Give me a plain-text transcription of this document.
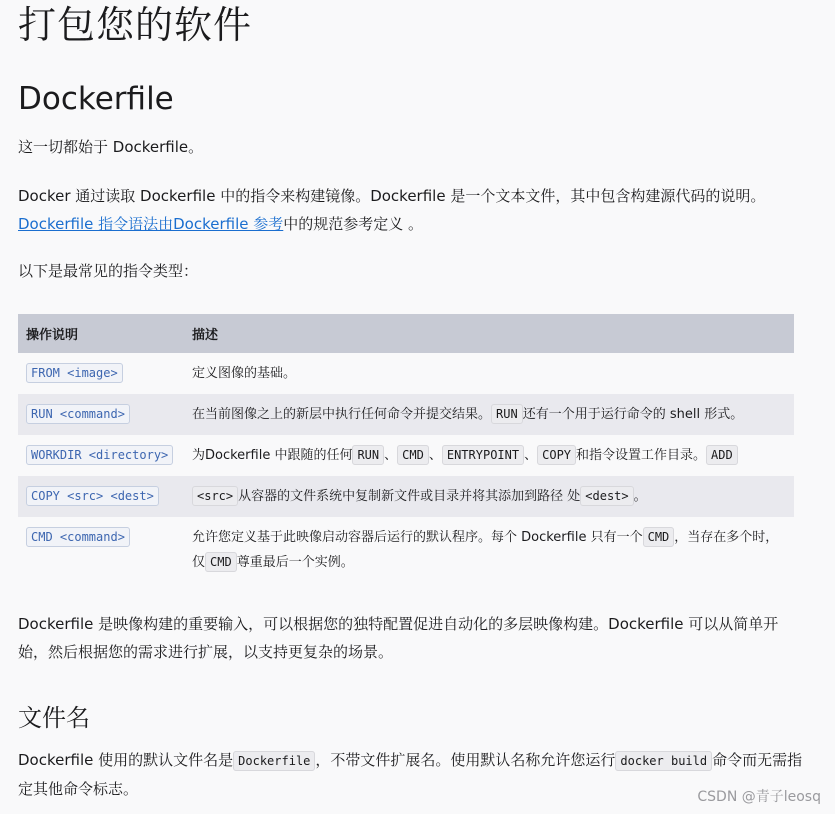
打包您的软件
Dockerfile

这一切都始于 Dockerfile。

Docker 通过读取 Dockerfile 中的指令来构建镜像。Dockerfile 是一个文本文件，其中包含构建源代码的说明。
Dockerfile 指令语法由Dockerfile 参考中的规范参考定义 。

以下是最常见的指令类型：

操作说明	描述
FROM <image>	定义图像的基础。
RUN <command>	在当前图像之上的新层中执行任何命令并提交结果。 RUN 还有一个用于运行命令的 shell 形式。
WORKDIR <directory>	为Dockerfile 中跟随的任何 RUN 、 CMD 、 ENTRYPOINT 、 COPY 和指令设置工作目录。 ADD
COPY <src> <dest>	<src> 从容器的文件系统中复制新文件或目录并将其添加到路径 处 <dest> 。
CMD <command>	允许您定义基于此映像启动容器后运行的默认程序。每个 Dockerfile 只有一个 CMD ，当存在多个时，仅 CMD 尊重最后一个实例。

Dockerfile 是映像构建的重要输入，可以根据您的独特配置促进自动化的多层映像构建。Dockerfile 可以从简单开始，然后根据您的需求进行扩展，以支持更复杂的场景。

文件名

Dockerfile 使用的默认文件名是 Dockerfile ，不带文件扩展名。使用默认名称允许您运行 docker build 命令而无需指定其他命令标志。	CSDN @青子leosq
